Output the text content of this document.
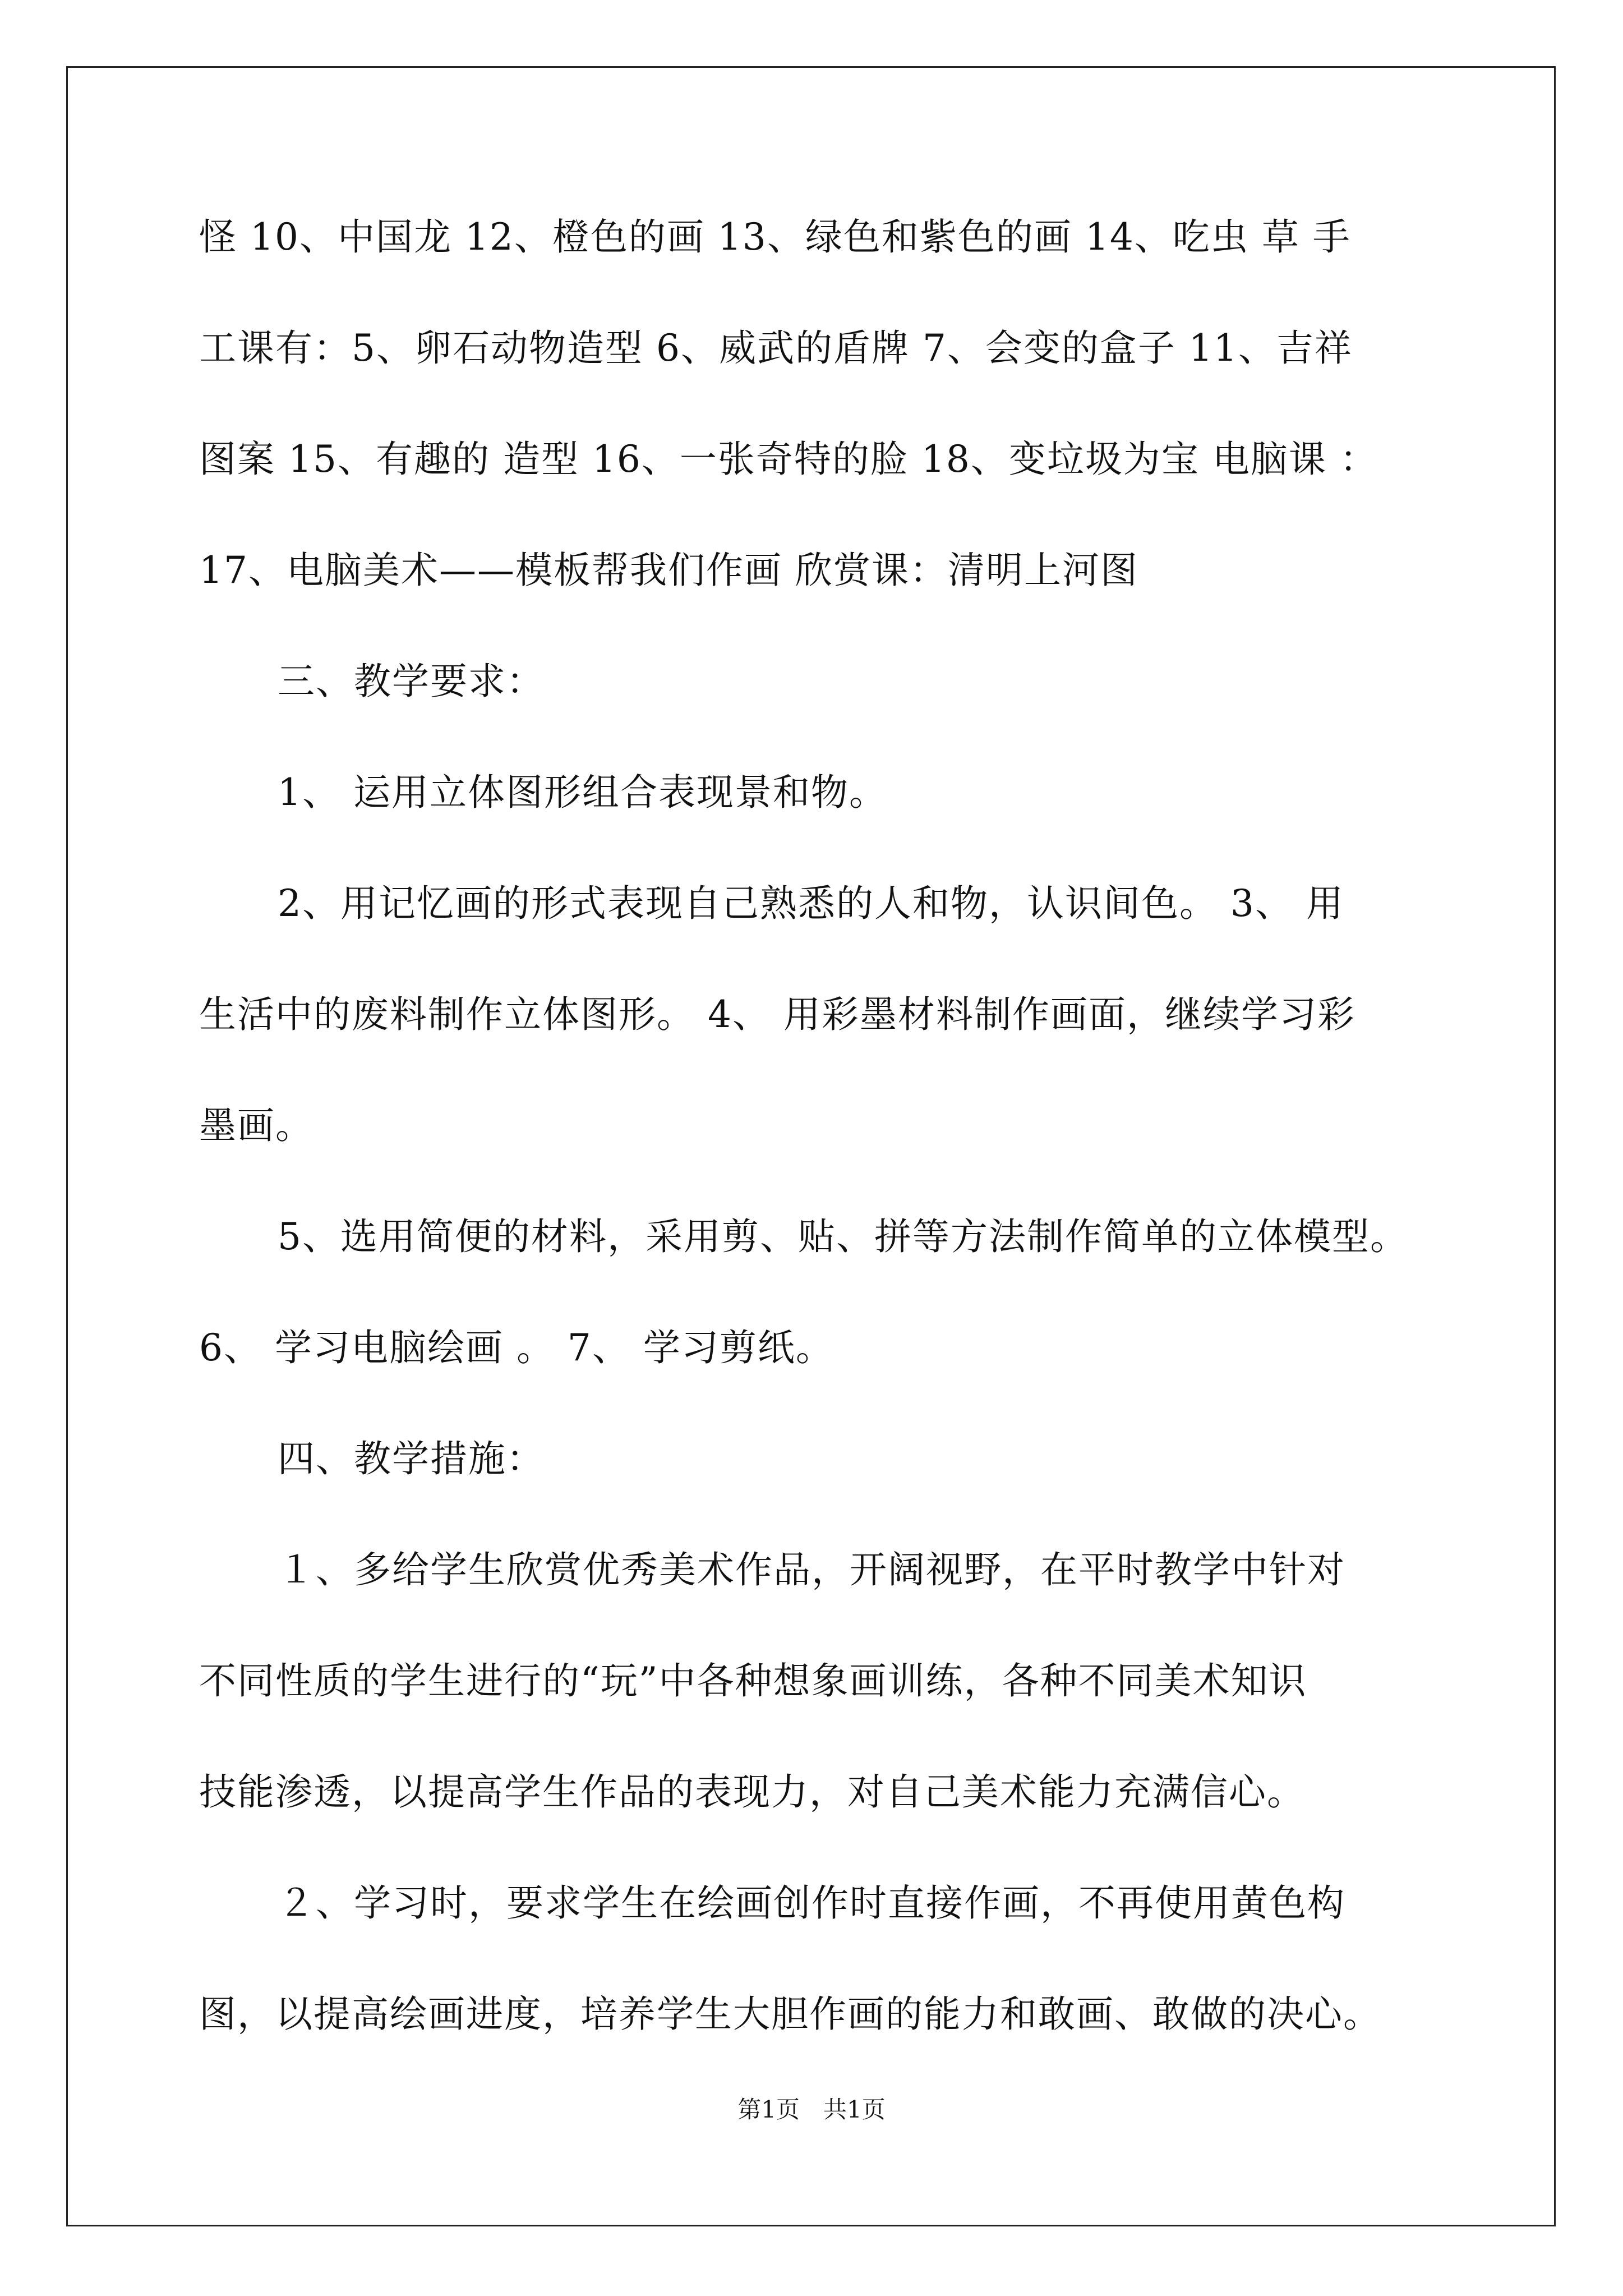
怪 10、中国龙 12、橙色的画 13、绿色和紫色的画 14、吃虫 草 手
工课有：5、卵石动物造型 6、威武的盾牌 7、会变的盒子 11、吉祥
图案 15、有趣的 造型 16、一张奇特的脸 18、变垃圾为宝 电脑课 ：
17、电脑美术——模板帮我们作画 欣赏课：清明上河图
三、教学要求：
1、 运用立体图形组合表现景和物。
2、用记忆画的形式表现自己熟悉的人和物，认识间色。 3、 用
生活中的废料制作立体图形。 4、 用彩墨材料制作画面，继续学习彩
墨画。
5、选用简便的材料，采用剪、贴、拼等方法制作简单的立体模型。
6、 学习电脑绘画 。 7、 学习剪纸。
四、教学措施：
１、多给学生欣赏优秀美术作品，开阔视野，在平时教学中针对
不同性质的学生进行的“玩”中各种想象画训练，各种不同美术知识
技能渗透，以提高学生作品的表现力，对自己美术能力充满信心。
２、学习时，要求学生在绘画创作时直接作画，不再使用黄色构
图，以提高绘画进度，培养学生大胆作画的能力和敢画、敢做的决心。
第1页　共1页
